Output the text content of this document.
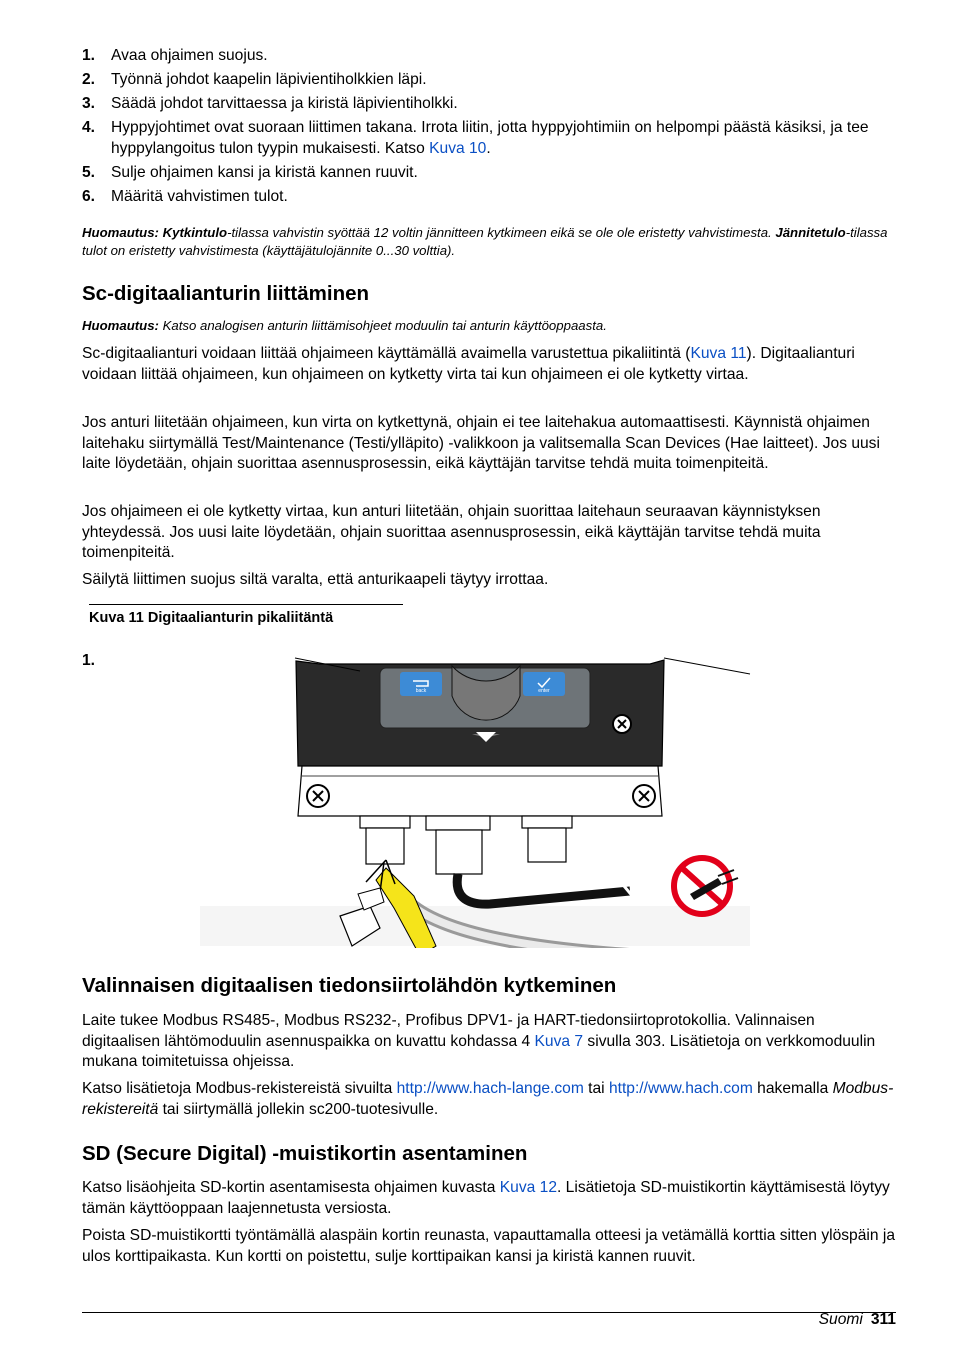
1. Avaa ohjaimen suojus.
2. Työnnä johdot kaapelin läpivientiholkkien läpi.
3. Säädä johdot tarvittaessa ja kiristä läpivientiholkki.
4. Hyppyjohtimet ovat suoraan liittimen takana. Irrota liitin, jotta hyppyjohtimiin on helpompi päästä käsiksi, ja tee hyppylangoitus tulon tyypin mukaisesti. Katso Kuva 10.
5. Sulje ohjaimen kansi ja kiristä kannen ruuvit.
6. Määritä vahvistimen tulot.

Huomautus: Kytkintulo-tilassa vahvistin syöttää 12 voltin jännitteen kytkimeen eikä se ole ole eristetty vahvistimesta. Jännitetulo-tilassa tulot on eristetty vahvistimesta (käyttäjätulojännite 0...30 volttia).

Sc-digitaalianturin liittäminen

Huomautus: Katso analogisen anturin liittämisohjeet moduulin tai anturin käyttöoppaasta.

Sc-digitaalianturi voidaan liittää ohjaimeen käyttämällä avaimella varustettua pikaliitintä (Kuva 11). Digitaalianturi voidaan liittää ohjaimeen, kun ohjaimeen on kytketty virta tai kun ohjaimeen ei ole kytketty virtaa.

Jos anturi liitetään ohjaimeen, kun virta on kytkettynä, ohjain ei tee laitehakua automaattisesti. Käynnistä ohjaimen laitehaku siirtymällä Test/Maintenance (Testi/ylläpito) -valikkoon ja valitsemalla Scan Devices (Hae laitteet). Jos uusi laite löydetään, ohjain suorittaa asennusprosessin, eikä käyttäjän tarvitse tehdä muita toimenpiteitä.

Jos ohjaimeen ei ole kytketty virtaa, kun anturi liitetään, ohjain suorittaa laitehaun seuraavan käynnistyksen yhteydessä. Jos uusi laite löydetään, ohjain suorittaa asennusprosessin, eikä käyttäjän tarvitse tehdä muita toimenpiteitä.

Säilytä liittimen suojus siltä varalta, että anturikaapeli täytyy irrottaa.

Kuva 11 Digitaalianturin pikaliitäntä
1.
back	enter
Valinnaisen digitaalisen tiedonsiirtolähdön kytkeminen

Laite tukee Modbus RS485-, Modbus RS232-, Profibus DPV1- ja HART-tiedonsiirtoprotokollia. Valinnaisen digitaalisen lähtömoduulin asennuspaikka on kuvattu kohdassa 4 Kuva 7 sivulla 303. Lisätietoja on verkkomoduulin mukana toimitetuissa ohjeissa.

Katso lisätietoja Modbus-rekistereistä sivuilta http://www.hach-lange.com tai http://www.hach.com hakemalla Modbus-rekistereitä tai siirtymällä jollekin sc200-tuotesivulle.

SD (Secure Digital) -muistikortin asentaminen

Katso lisäohjeita SD-kortin asentamisesta ohjaimen kuvasta Kuva 12. Lisätietoja SD-muistikortin käyttämisestä löytyy tämän käyttöoppaan laajennetusta versiosta.

Poista SD-muistikortti työntämällä alaspäin kortin reunasta, vapauttamalla otteesi ja vetämällä korttia sitten ylöspäin ja ulos korttipaikasta. Kun kortti on poistettu, sulje korttipaikan kansi ja kiristä kannen ruuvit.

Suomi 311
